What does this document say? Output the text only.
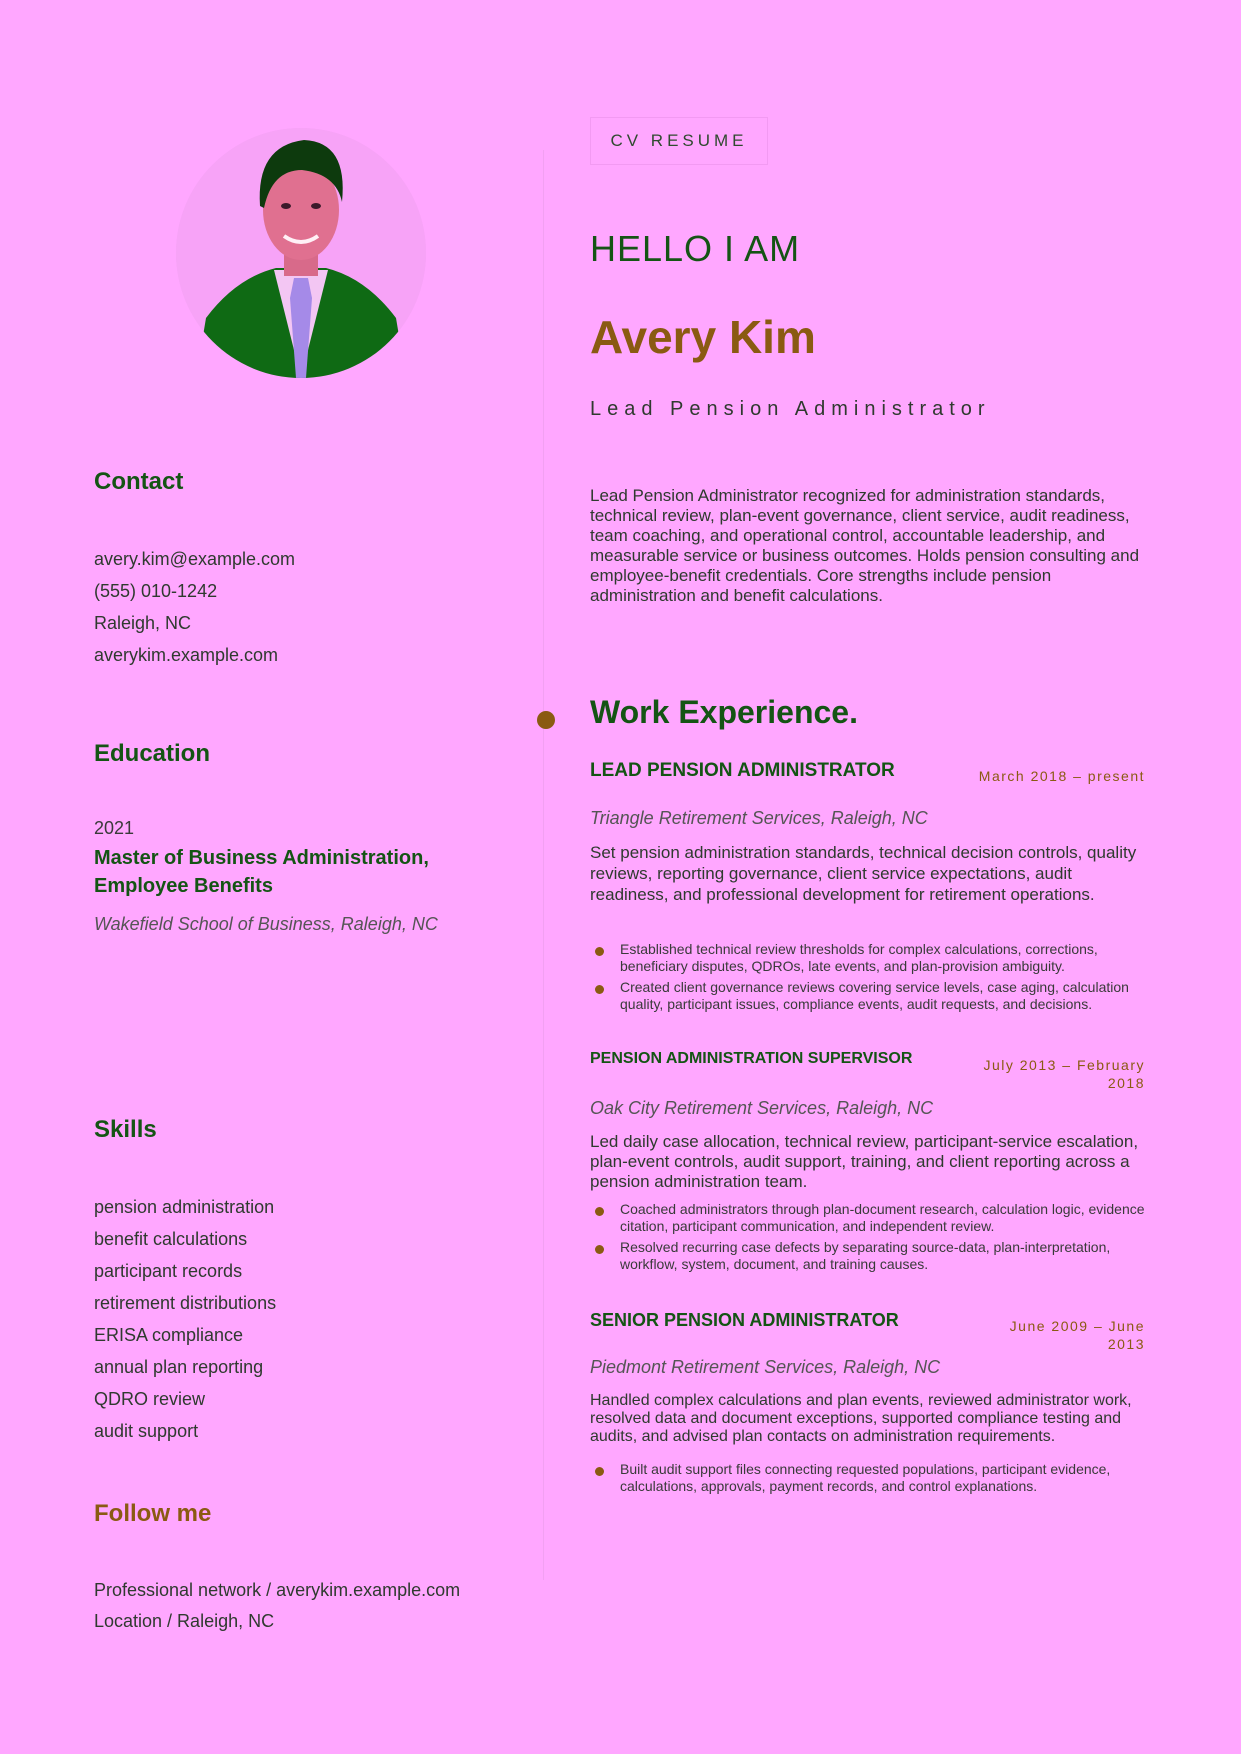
Contact
avery.kim@example.com
(555) 010-1242
Raleigh, NC
averykim.example.com
Education
2021
Master of Business Administration, Employee Benefits
Wakefield School of Business, Raleigh, NC
Skills
pension administration
benefit calculations
participant records
retirement distributions
ERISA compliance
annual plan reporting
QDRO review
audit support
Follow me
Professional network / averykim.example.com
Location / Raleigh, NC
CV RESUME
HELLO I AM
Avery Kim
Lead Pension Administrator
Lead Pension Administrator recognized for administration standards, technical review, plan-event governance, client service, audit readiness, team coaching, and operational control, accountable leadership, and measurable service or business outcomes. Holds pension consulting and employee-benefit credentials. Core strengths include pension administration and benefit calculations.
Work Experience.
LEAD PENSION ADMINISTRATOR	March 2018 – present
Triangle Retirement Services, Raleigh, NC
Set pension administration standards, technical decision controls, quality reviews, reporting governance, client service expectations, audit readiness, and professional development for retirement operations.
Established technical review thresholds for complex calculations, corrections, beneficiary disputes, QDROs, late events, and plan-provision ambiguity.
Created client governance reviews covering service levels, case aging, calculation quality, participant issues, compliance events, audit requests, and decisions.
PENSION ADMINISTRATION SUPERVISOR	July 2013 – February 2018
Oak City Retirement Services, Raleigh, NC
Led daily case allocation, technical review, participant-service escalation, plan-event controls, audit support, training, and client reporting across a pension administration team.
Coached administrators through plan-document research, calculation logic, evidence citation, participant communication, and independent review.
Resolved recurring case defects by separating source-data, plan-interpretation, workflow, system, document, and training causes.
SENIOR PENSION ADMINISTRATOR	June 2009 – June 2013
Piedmont Retirement Services, Raleigh, NC
Handled complex calculations and plan events, reviewed administrator work, resolved data and document exceptions, supported compliance testing and audits, and advised plan contacts on administration requirements.
Built audit support files connecting requested populations, participant evidence, calculations, approvals, payment records, and control explanations.
